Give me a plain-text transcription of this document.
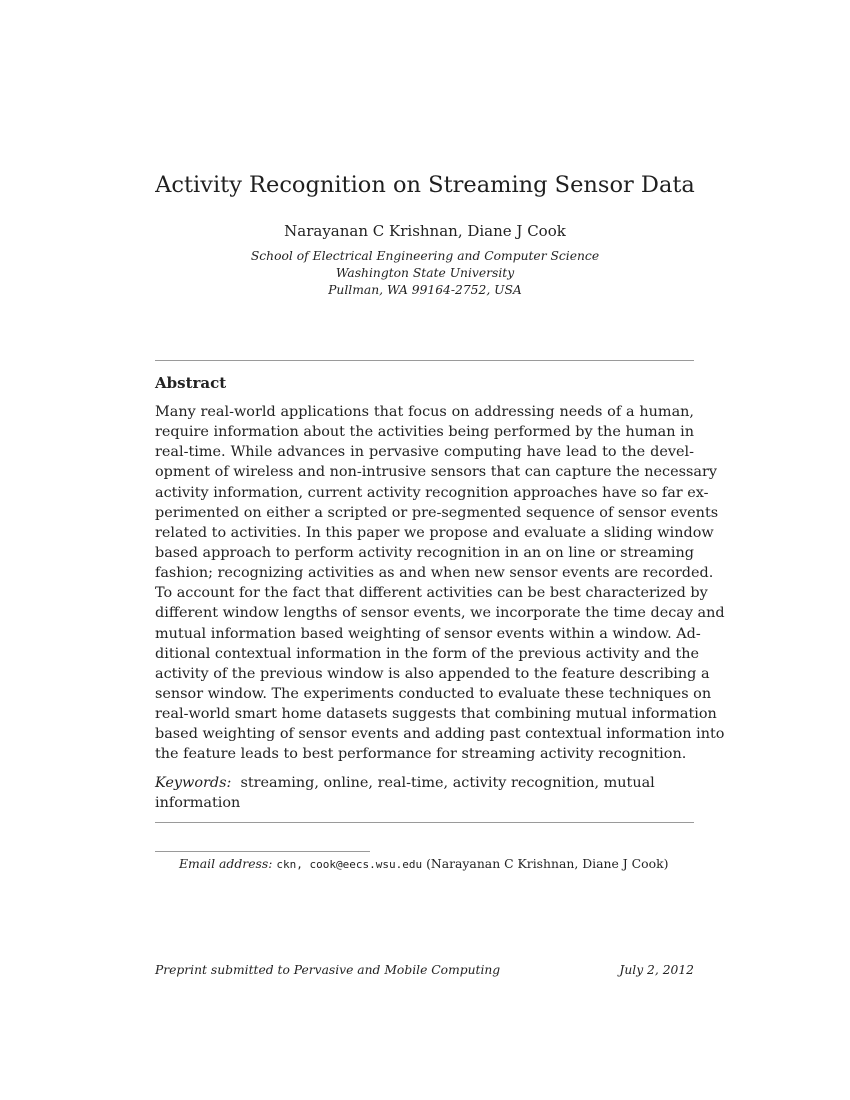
Activity Recognition on Streaming Sensor Data
Narayanan C Krishnan, Diane J Cook
School of Electrical Engineering and Computer Science
Washington State University
Pullman, WA 99164-2752, USA
Abstract
Many real-world applications that focus on addressing needs of a human,
require information about the activities being performed by the human in
real-time. While advances in pervasive computing have lead to the devel-
opment of wireless and non-intrusive sensors that can capture the necessary
activity information, current activity recognition approaches have so far ex-
perimented on either a scripted or pre-segmented sequence of sensor events
related to activities. In this paper we propose and evaluate a sliding window
based approach to perform activity recognition in an on line or streaming
fashion; recognizing activities as and when new sensor events are recorded.
To account for the fact that different activities can be best characterized by
different window lengths of sensor events, we incorporate the time decay and
mutual information based weighting of sensor events within a window. Ad-
ditional contextual information in the form of the previous activity and the
activity of the previous window is also appended to the feature describing a
sensor window. The experiments conducted to evaluate these techniques on
real-world smart home datasets suggests that combining mutual information
based weighting of sensor events and adding past contextual information into
the feature leads to best performance for streaming activity recognition.
Keywords: streaming, online, real-time, activity recognition, mutual information
Email address: ckn, cook@eecs.wsu.edu (Narayanan C Krishnan, Diane J Cook)
Preprint submitted to Pervasive and Mobile Computing	July 2, 2012
